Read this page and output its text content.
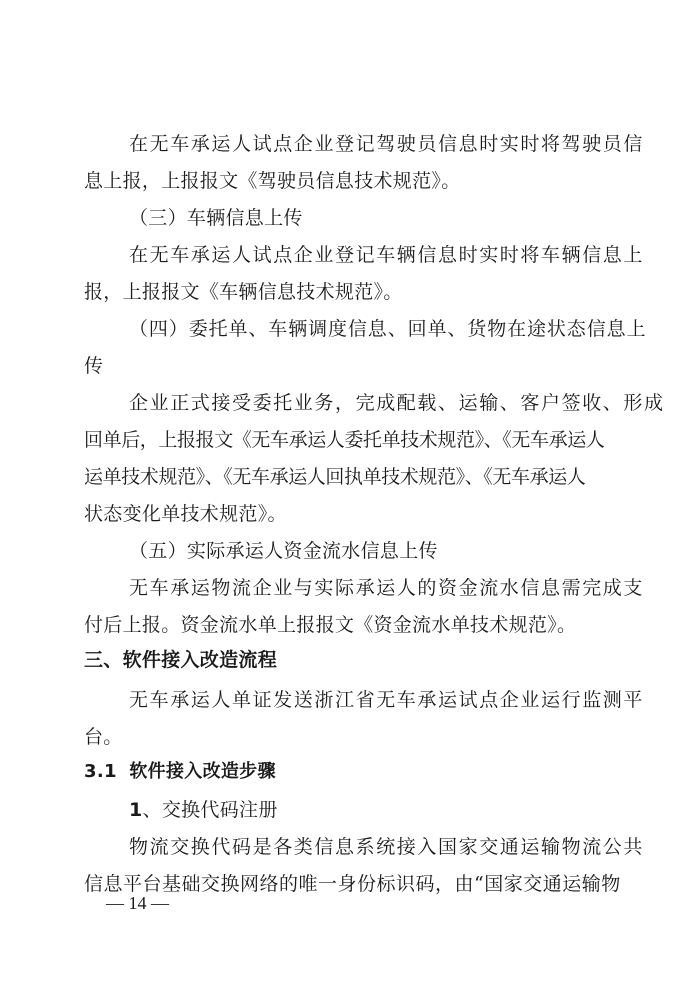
在无车承运人试点企业登记驾驶员信息时实时将驾驶员信
息上报，上报报文《驾驶员信息技术规范》。
（三）车辆信息上传
在无车承运人试点企业登记车辆信息时实时将车辆信息上
报，上报报文《车辆信息技术规范》。
（四）委托单、车辆调度信息、回单、货物在途状态信息上
传
企业正式接受委托业务，完成配载、运输、客户签收、形成
回单后，上报报文《无车承运人委托单技术规范》、《无车承运人
运单技术规范》、《无车承运人回执单技术规范》、《无车承运人
状态变化单技术规范》。
（五）实际承运人资金流水信息上传
无车承运物流企业与实际承运人的资金流水信息需完成支
付后上报。资金流水单上报报文《资金流水单技术规范》。
三、软件接入改造流程
无车承运人单证发送浙江省无车承运试点企业运行监测平
台。
3.1 软件接入改造步骤
1、交换代码注册
物流交换代码是各类信息系统接入国家交通运输物流公共
信息平台基础交换网络的唯一身份标识码，由“国家交通运输物
— 14 —
